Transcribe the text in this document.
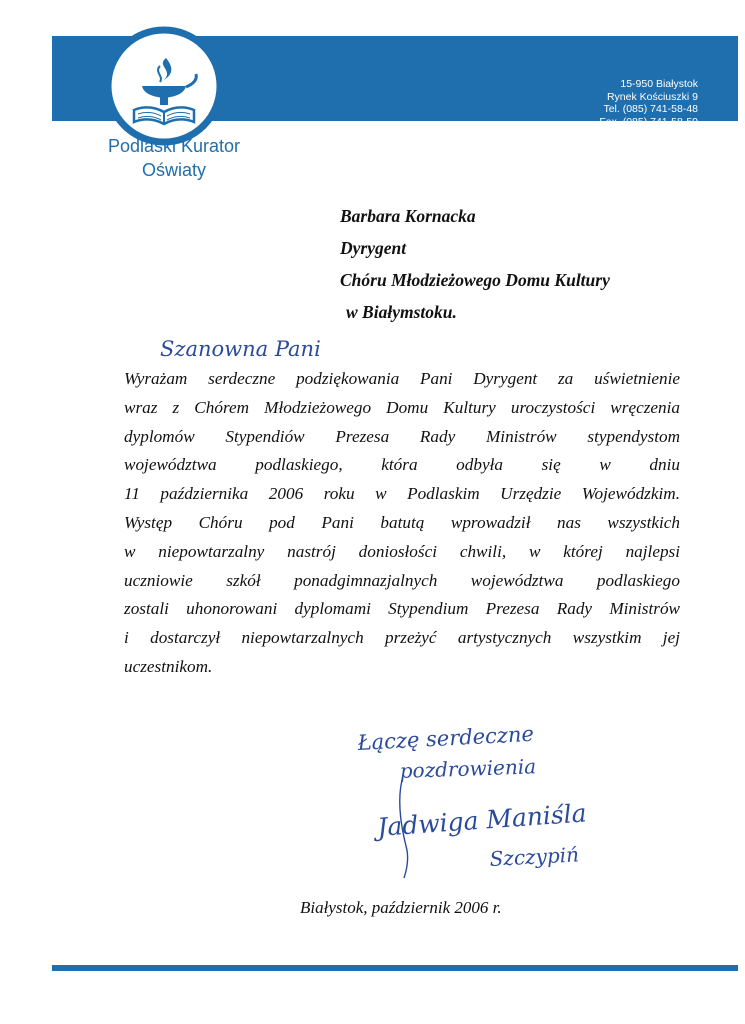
15-950 Białystok
Rynek Kościuszki 9
Tel. (085) 741-58-48
Fax. (085) 741-58-59
http://www.kuratorium.bialystok.pl
Podlaski Kurator
Oświaty
Barbara Kornacka
Dyrygent
Chóru Młodzieżowego Domu Kultury
w Białymstoku.
Szanowna Pani
Wyrażam serdeczne podziękowania Pani Dyrygent za uświetnienie
wraz z Chórem Młodzieżowego Domu Kultury uroczystości wręczenia
dyplomów Stypendiów Prezesa Rady Ministrów stypendystom
województwa podlaskiego, która odbyła się w dniu
11 października 2006 roku w Podlaskim Urzędzie Wojewódzkim.
Występ Chóru pod Pani batutą wprowadził nas wszystkich
w niepowtarzalny nastrój doniosłości chwili, w której najlepsi
uczniowie szkół ponadgimnazjalnych województwa podlaskiego
zostali uhonorowani dyplomami Stypendium Prezesa Rady Ministrów
i dostarczył niepowtarzalnych przeżyć artystycznych wszystkim jej
uczestnikom.
Łączę serdeczne
pozdrowienia
Jadwiga Maniśla
Szczypiń
Białystok, październik 2006 r.
